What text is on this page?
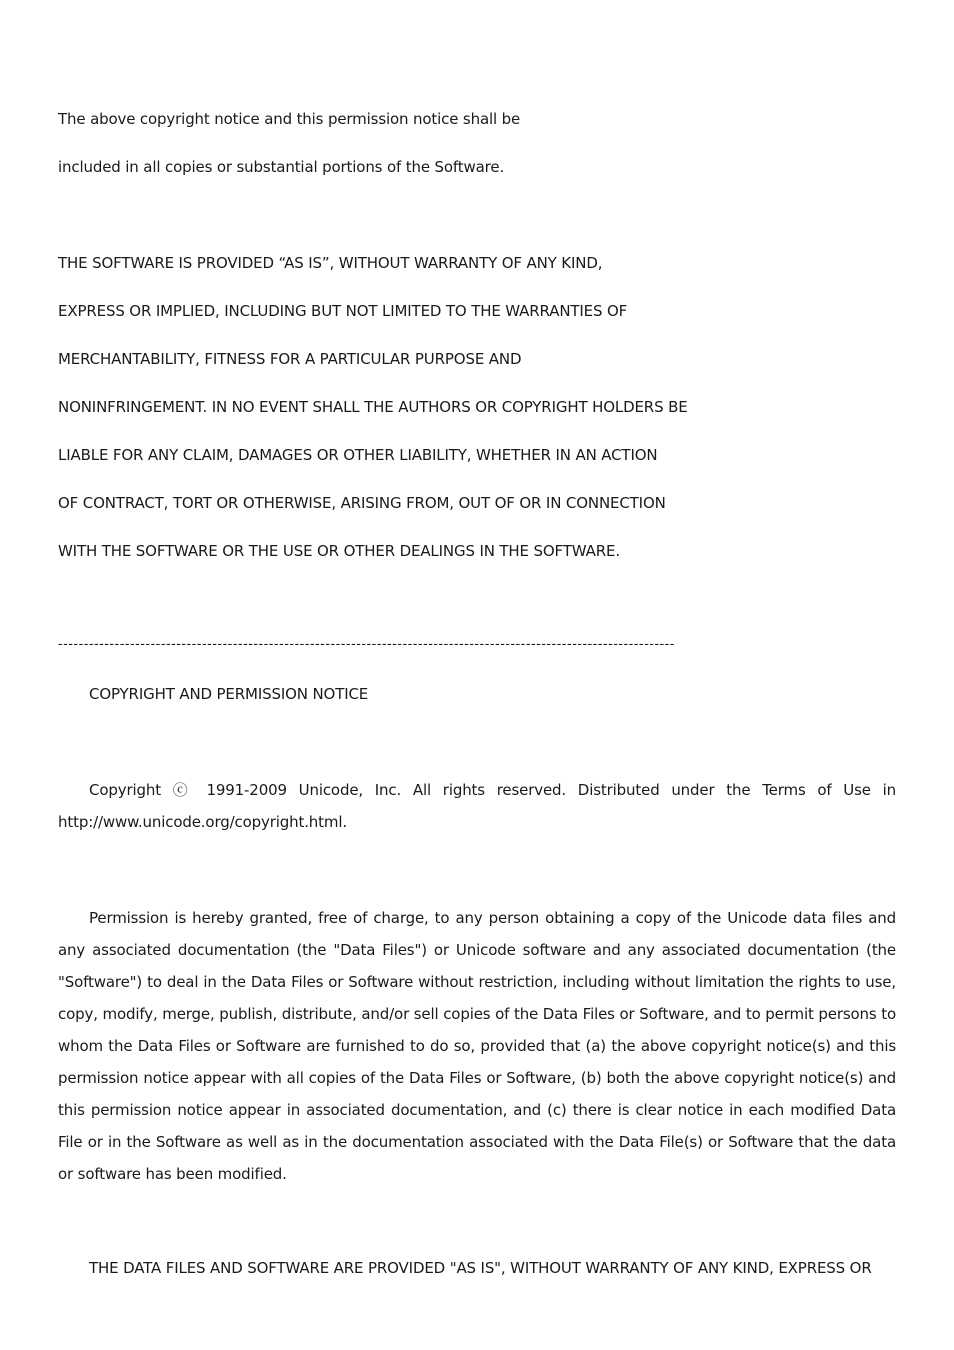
The above copyright notice and this permission notice shall be
included in all copies or substantial portions of the Software.
THE SOFTWARE IS PROVIDED “AS IS”, WITHOUT WARRANTY OF ANY KIND,
EXPRESS OR IMPLIED, INCLUDING BUT NOT LIMITED TO THE WARRANTIES OF
MERCHANTABILITY, FITNESS FOR A PARTICULAR PURPOSE AND
NONINFRINGEMENT. IN NO EVENT SHALL THE AUTHORS OR COPYRIGHT HOLDERS BE
LIABLE FOR ANY CLAIM, DAMAGES OR OTHER LIABILITY, WHETHER IN AN ACTION
OF CONTRACT, TORT OR OTHERWISE, ARISING FROM, OUT OF OR IN CONNECTION
WITH THE SOFTWARE OR THE USE OR OTHER DEALINGS IN THE SOFTWARE.
------------------------------------------------------------------------------------------------------------------------
COPYRIGHT AND PERMISSION NOTICE
Copyright ⓒ 1991-2009 Unicode, Inc. All rights reserved. Distributed under the Terms of Use in http://www.unicode.org/copyright.html.
Permission is hereby granted, free of charge, to any person obtaining a copy of the Unicode data files and any associated documentation (the "Data Files") or Unicode software and any associated documentation (the "Software") to deal in the Data Files or Software without restriction, including without limitation the rights to use, copy, modify, merge, publish, distribute, and/or sell copies of the Data Files or Software, and to permit persons to whom the Data Files or Software are furnished to do so, provided that (a) the above copyright notice(s) and this permission notice appear with all copies of the Data Files or Software, (b) both the above copyright notice(s) and this permission notice appear in associated documentation, and (c) there is clear notice in each modified Data File or in the Software as well as in the documentation associated with the Data File(s) or Software that the data or software has been modified.
THE DATA FILES AND SOFTWARE ARE PROVIDED "AS IS", WITHOUT WARRANTY OF ANY KIND, EXPRESS OR
